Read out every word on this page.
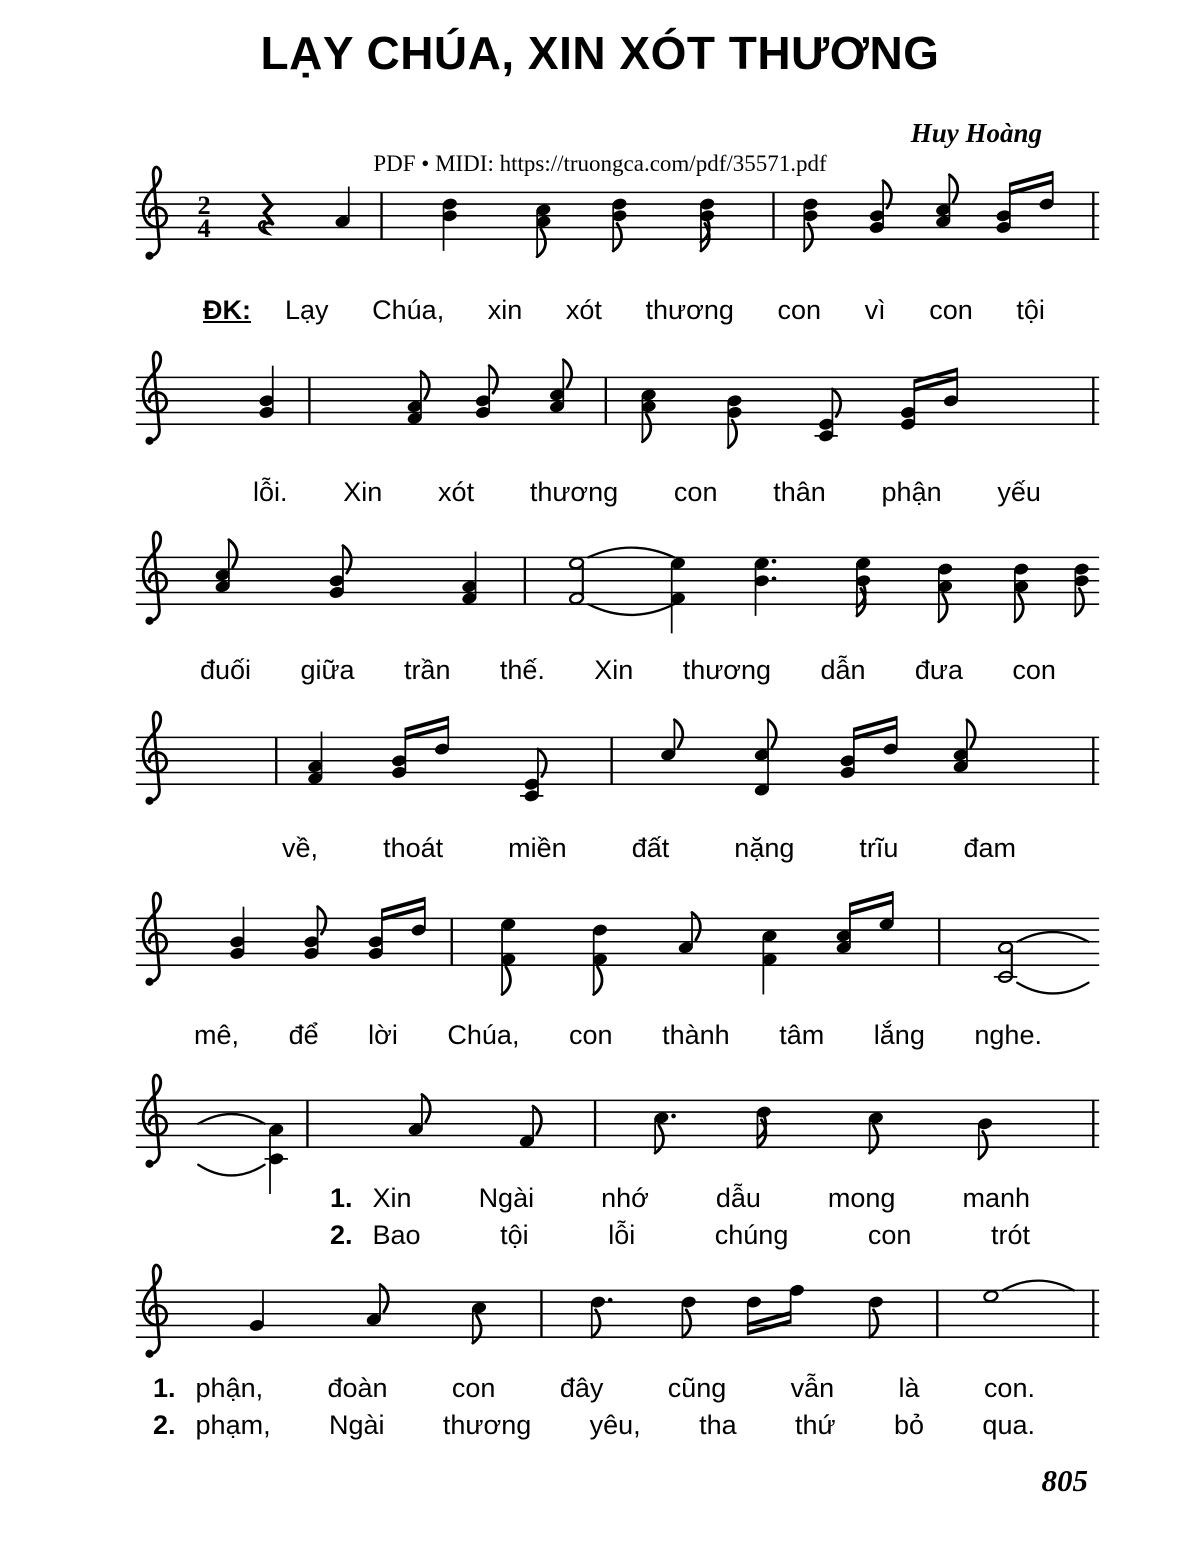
LẠY CHÚA, XIN XÓT THƯƠNG
Huy Hoàng
PDF • MIDI: https://truongca.com/pdf/35571.pdf
2
4
ĐK: Lạy Chúa, xin xót thương con vì con tội
lỗi. Xin xót thương con thân phận yếu
đuối giữa trần thế. Xin thương dẫn đưa con
về, thoát miền đất nặng trĩu đam
mê, để lời Chúa, con thành tâm lắng nghe.
1. Xin Ngài nhớ dẫu mong manh
2. Bao	tội	lỗi	chúng	con	trót
1. phận, đoàn con đây cũng vẫn là con.
2. phạm, Ngài thương yêu, tha thứ bỏ qua.
805
